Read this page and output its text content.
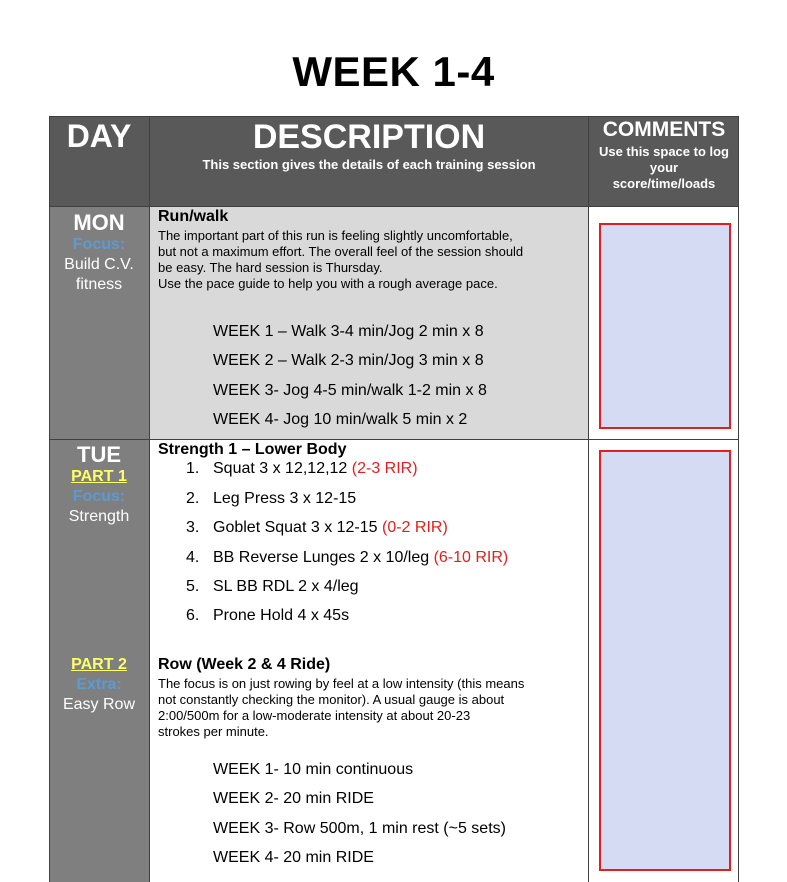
WEEK 1-4
DAY	DESCRIPTION
This section gives the details of each training session
COMMENTS
Use this space to log your score/time/loads
MON
Focus:
Build C.V.
fitness
Run/walk
The important part of this run is feeling slightly uncomfortable,
but not a maximum effort. The overall feel of the session should
be easy. The hard session is Thursday.
Use the pace guide to help you with a rough average pace.
WEEK 1 – Walk 3-4 min/Jog 2 min x 8
WEEK 2 – Walk 2-3 min/Jog 3 min x 8
WEEK 3- Jog 4-5 min/walk 1-2 min x 8
WEEK 4- Jog 10 min/walk 5 min x 2
TUE
PART 1
Focus:
Strength
PART 2
Extra:
Easy Row
Strength 1 – Lower Body
1. Squat 3 x 12,12,12 (2-3 RIR)
2. Leg Press 3 x 12-15
3. Goblet Squat 3 x 12-15 (0-2 RIR)
4. BB Reverse Lunges 2 x 10/leg (6-10 RIR)
5. SL BB RDL 2 x 4/leg
6. Prone Hold 4 x 45s
Row (Week 2 & 4 Ride)
The focus is on just rowing by feel at a low intensity (this means
not constantly checking the monitor). A usual gauge is about
2:00/500m for a low-moderate intensity at about 20-23
strokes per minute.
WEEK 1- 10 min continuous
WEEK 2- 20 min RIDE
WEEK 3- Row 500m, 1 min rest (~5 sets)
WEEK 4- 20 min RIDE
